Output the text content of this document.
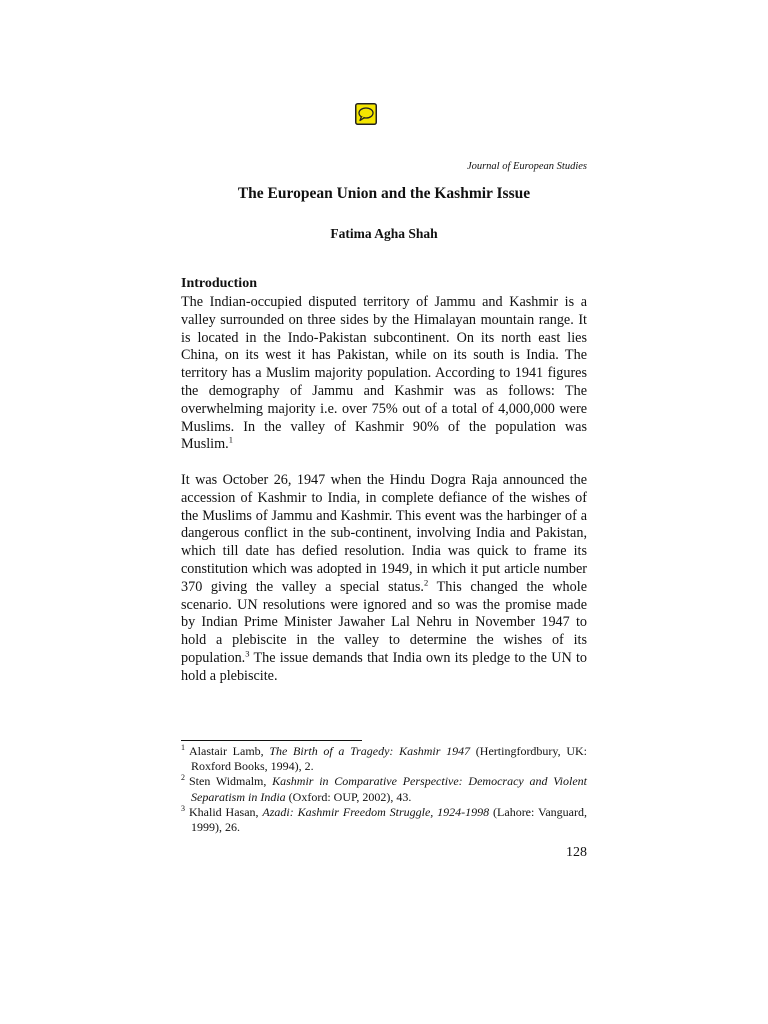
Journal of European Studies
The European Union and the Kashmir Issue
Fatima Agha Shah
Introduction

The Indian-occupied disputed territory of Jammu and Kashmir is a valley surrounded on three sides by the Himalayan mountain range. It is located in the Indo-Pakistan subcontinent. On its north east lies China, on its west it has Pakistan, while on its south is India. The territory has a Muslim majority population. According to 1941 figures the demography of Jammu and Kashmir was as follows: The overwhelming majority i.e. over 75% out of a total of 4,000,000 were Muslims. In the valley of Kashmir 90% of the population was Muslim.$^1$

It was October 26, 1947 when the Hindu Dogra Raja announced the accession of Kashmir to India, in complete defiance of the wishes of the Muslims of Jammu and Kashmir. This event was the harbinger of a dangerous conflict in the sub-continent, involving India and Pakistan, which till date has defied resolution. India was quick to frame its constitution which was adopted in 1949, in which it put article number 370 giving the valley a special status.$^2$ This changed the whole scenario. UN resolutions were ignored and so was the promise made by Indian Prime Minister Jawaher Lal Nehru in November 1947 to hold a plebiscite in the valley to determine the wishes of its population.$^3$ The issue demands that India own its pledge to the UN to hold a plebiscite.

$^1$ Alastair Lamb, The Birth of a Tragedy: Kashmir 1947 (Hertingfordbury, UK: Roxford Books, 1994), 2.
$^2$ Sten Widmalm, Kashmir in Comparative Perspective: Democracy and Violent Separatism in India (Oxford: OUP, 2002), 43.
$^3$ Khalid Hasan, Azadi: Kashmir Freedom Struggle, 1924-1998 (Lahore: Vanguard, 1999), 26.
128
